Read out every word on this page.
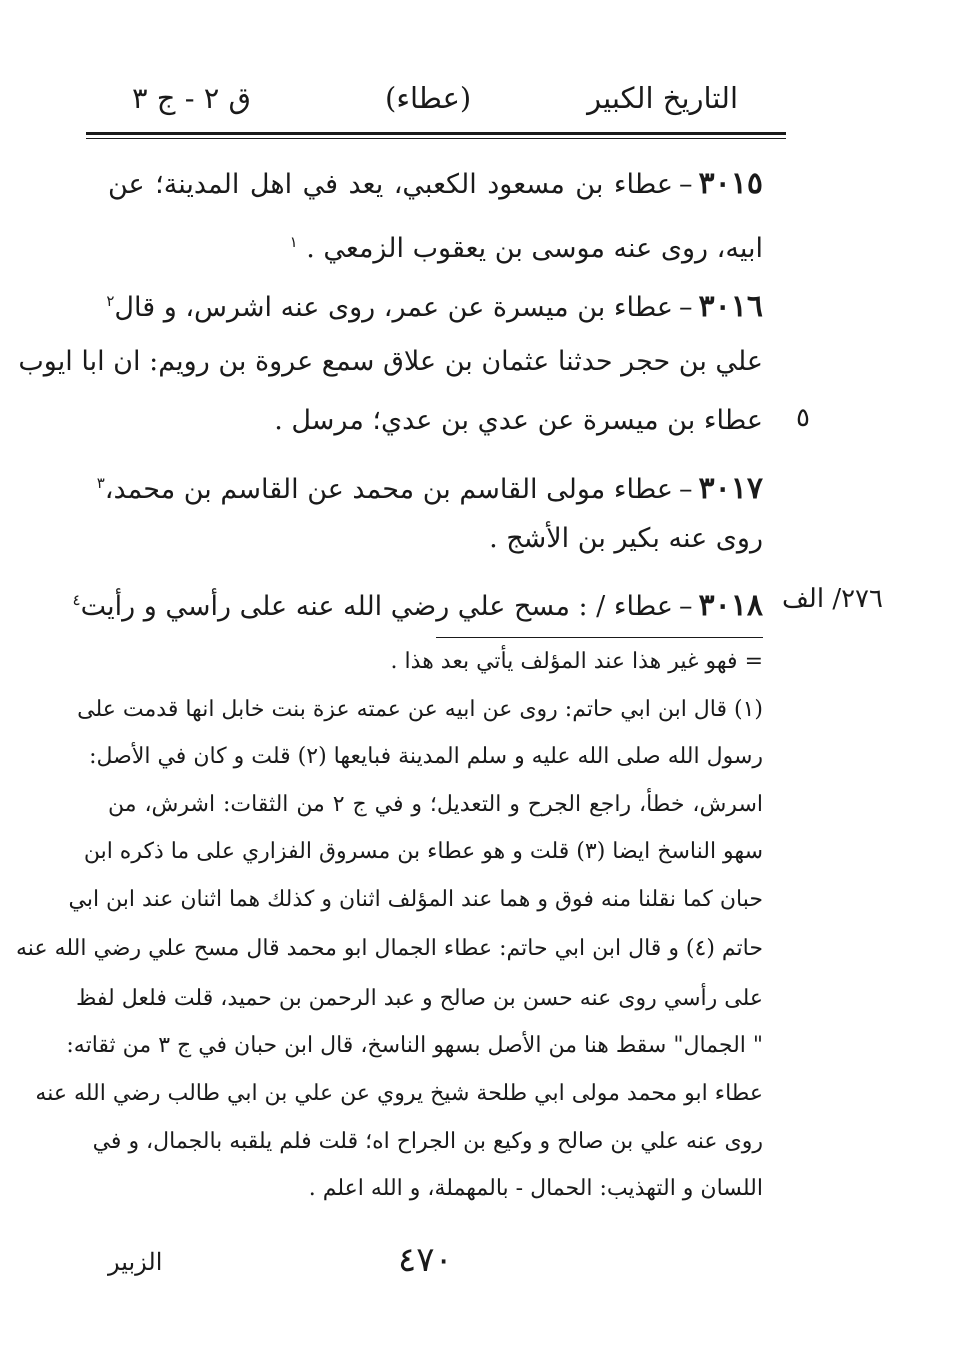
التاريخ الكبير
(عطاء)
ق ٢ - ج ٣
٣٠١٥–عطاء بن مسعود الكعبي، يعد في اهل المدينة؛ عن
ابيه، روى عنه موسى بن يعقوب الزمعي . $^١$
٣٠١٦–عطاء بن ميسرة عن عمر، روى عنه اشرس، و قال$^٢$
علي بن حجر حدثنا عثمان بن علاق سمع عروة بن رويم: ان ابا ايوب
عطاء بن ميسرة عن عدي بن عدي؛ مرسل .
٣٠١٧–عطاء مولى القاسم بن محمد عن القاسم بن محمد،$^٣$
روى عنه بكير بن الأشج .
٣٠١٨–عطاء / : مسح علي رضي الله عنه على رأسي و رأيت$^٤$
٥
٢٧٦/ الف
= فهو غير هذا عند المؤلف يأتي بعد هذا .
(١) قال ابن ابي حاتم: روى عن ابيه عن عمته عزة بنت خابل انها قدمت على
رسول الله صلى الله عليه و سلم المدينة فبايعها (٢) قلت و كان في الأصل:
اسرش، خطأ، راجع الجرح و التعديل؛ و في ج ٢ من الثقات: اشرش، من
سهو الناسخ ايضا (٣) قلت و هو عطاء بن مسروق الفزاري على ما ذكره ابن
حبان كما نقلنا منه فوق و هما عند المؤلف اثنان و كذلك هما اثنان عند ابن ابي
حاتم (٤) و قال ابن ابي حاتم: عطاء الجمال ابو محمد قال مسح علي رضي الله عنه
على رأسي روى عنه حسن بن صالح و عبد الرحمن بن حميد، قلت فلعل لفظ
" الجمال" سقط هنا من الأصل بسهو الناسخ، قال ابن حبان في ج ٣ من ثقاته:
عطاء ابو محمد مولى ابي طلحة شيخ يروي عن علي بن ابي طالب رضي الله عنه
روى عنه علي بن صالح و وكيع بن الجراح اه؛ قلت فلم يلقبه بالجمال، و في
اللسان و التهذيب: الحمال - بالمهملة، و الله اعلم .
٤٧٠
الزبير
